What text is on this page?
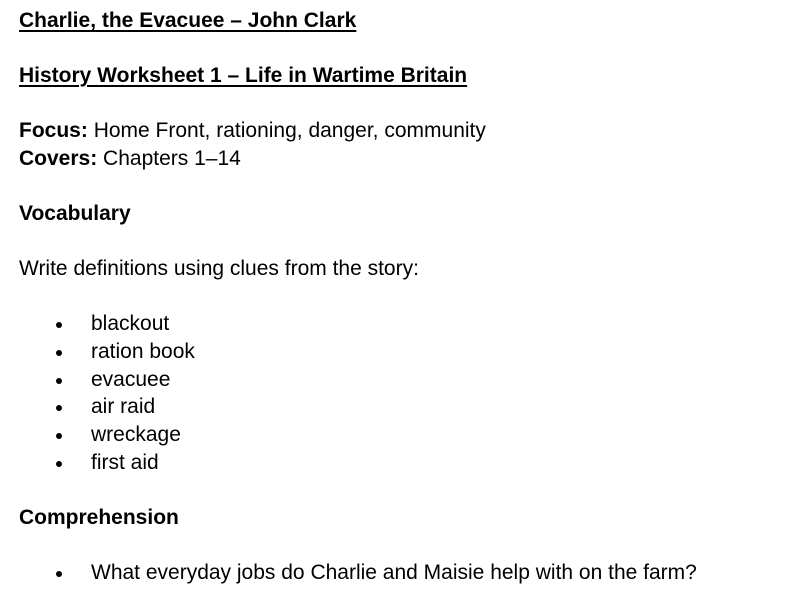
Charlie, the Evacuee – John Clark
History Worksheet 1 – Life in Wartime Britain
Focus: Home Front, rationing, danger, community
Covers: Chapters 1–14
Vocabulary
Write definitions using clues from the story:
blackout
ration book
evacuee
air raid
wreckage
first aid
Comprehension
What everyday jobs do Charlie and Maisie help with on the farm?
